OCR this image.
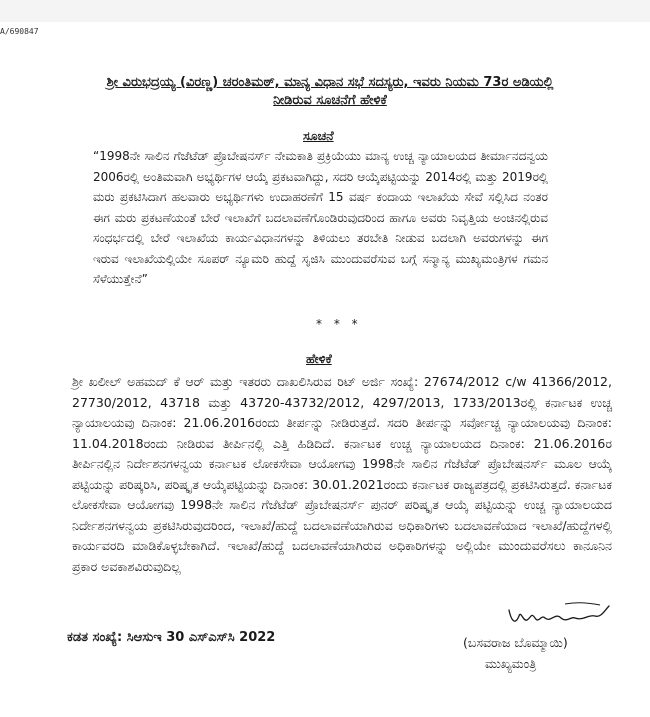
A/690847
ಶ್ರೀ ವಿರುಭದ್ರಯ್ಯ (ವಿರಣ್ಣ) ಚರಂತಿಮಠ್, ಮಾನ್ಯ ವಿಧಾನ ಸಭೆ ಸದಸ್ಯರು, ಇವರು ನಿಯಮ 73ರ ಅಡಿಯಲ್ಲಿ
ನೀಡಿರುವ ಸೂಚನೆಗೆ ಹೇಳಿಕೆ
ಸೂಚನೆ
“1998ನೇ ಸಾಲಿನ ಗೆಜೆಟೆಡ್ ಪ್ರೊಬೇಷನರ್ಸ್ ನೇಮಕಾತಿ ಪ್ರಕ್ರಿಯೆಯು ಮಾನ್ಯ ಉಚ್ಚ ನ್ಯಾಯಾಲಯದ ತೀರ್ಮಾನದನ್ವಯ 2006ರಲ್ಲಿ ಅಂತಿಮವಾಗಿ ಅಭ್ಯರ್ಥಿಗಳ ಆಯ್ಕೆ ಪ್ರಕಟವಾಗಿದ್ದು, ಸದರಿ ಆಯ್ಕೆಪಟ್ಟಿಯನ್ನು 2014ರಲ್ಲಿ ಮತ್ತು 2019ರಲ್ಲಿ ಮರು ಪ್ರಕಟಿಸಿದಾಗ ಹಲವಾರು ಅಭ್ಯರ್ಥಿಗಳು ಉದಾಹರಣೆಗೆ 15 ವರ್ಷ ಕಂದಾಯ ಇಲಾಖೆಯ ಸೇವೆ ಸಲ್ಲಿಸಿದ ನಂತರ ಈಗ ಮರು ಪ್ರಕಟಣೆಯಂತೆ ಬೇರೆ ಇಲಾಖೆಗೆ ಬದಲಾವಣೆಗೊಂಡಿರುವುದರಿಂದ ಹಾಗೂ ಅವರು ನಿವೃತ್ತಿಯ ಅಂಚಿನಲ್ಲಿರುವ ಸಂಧರ್ಭದಲ್ಲಿ ಬೇರೆ ಇಲಾಖೆಯ ಕಾರ್ಯವಿಧಾನಗಳನ್ನು ತಿಳಿಯಲು ತರಬೇತಿ ನೀಡುವ ಬದಲಾಗಿ ಅವರುಗಳನ್ನು ಈಗ ಇರುವ ಇಲಾಖೆಯಲ್ಲಿಯೇ ಸೂಪರ್ ನ್ಯೂಮರಿ ಹುದ್ದೆ ಸೃಜಿಸಿ ಮುಂದುವರೆಸುವ ಬಗ್ಗೆ ಸನ್ಮಾನ್ಯ ಮುಖ್ಯಮಂತ್ರಿಗಳ ಗಮನ ಸೆಳೆಯುತ್ತೇನೆ”
* * *
ಹೇಳಿಕೆ
ಶ್ರೀ ಖಲೀಲ್ ಅಹಮದ್ ಕೆ ಆರ್ ಮತ್ತು ಇತರರು ದಾಖಲಿಸಿರುವ ರಿಟ್ ಅರ್ಜಿ ಸಂಖ್ಯೆ: 27674/2012 c/w 41366/2012, 27730/2012, 43718 ಮತ್ತು 43720-43732/2012, 4297/2013, 1733/2013ರಲ್ಲಿ ಕರ್ನಾಟಕ ಉಚ್ಚ ನ್ಯಾಯಾಲಯವು ದಿನಾಂಕ: 21.06.2016ರಂದು ತೀರ್ಪನ್ನು ನೀಡಿರುತ್ತದೆ. ಸದರಿ ತೀರ್ಪನ್ನು ಸರ್ವೋಚ್ಚ ನ್ಯಾಯಾಲಯವು ದಿನಾಂಕ: 11.04.2018ರಂದು ನೀಡಿರುವ ತೀರ್ಪಿನಲ್ಲಿ ಎತ್ತಿ ಹಿಡಿದಿದೆ. ಕರ್ನಾಟಕ ಉಚ್ಚ ನ್ಯಾಯಾಲಯದ ದಿನಾಂಕ: 21.06.2016ರ ತೀರ್ಪಿನಲ್ಲಿನ ನಿರ್ದೇಶನಗಳನ್ವಯ ಕರ್ನಾಟಕ ಲೋಕಸೇವಾ ಆಯೋಗವು 1998ನೇ ಸಾಲಿನ ಗೆಜೆಟೆಡ್ ಪ್ರೊಬೇಷನರ್ಸ್ ಮೂಲ ಆಯ್ಕೆ ಪಟ್ಟಿಯನ್ನು ಪರಿಷ್ಕರಿಸಿ, ಪರಿಷ್ಕೃತ ಆಯ್ಕೆಪಟ್ಟಿಯನ್ನು ದಿನಾಂಕ: 30.01.2021ರಂದು ಕರ್ನಾಟಕ ರಾಜ್ಯಪತ್ರದಲ್ಲಿ ಪ್ರಕಟಿಸಿರುತ್ತದೆ. ಕರ್ನಾಟಕ ಲೋಕಸೇವಾ ಆಯೋಗವು 1998ನೇ ಸಾಲಿನ ಗೆಜೆಟೆಡ್ ಪ್ರೊಬೇಷನರ್ಸ್ ಪುನರ್ ಪರಿಷ್ಕೃತ ಆಯ್ಕೆ ಪಟ್ಟಿಯನ್ನು ಉಚ್ಚ ನ್ಯಾಯಾಲಯದ ನಿರ್ದೇಶನಗಳನ್ವಯ ಪ್ರಕಟಿಸಿರುವುದರಿಂದ, ಇಲಾಖೆ/ಹುದ್ದೆ ಬದಲಾವಣೆಯಾಗಿರುವ ಅಧಿಕಾರಿಗಳು ಬದಲಾವಣೆಯಾದ ಇಲಾಖೆ/ಹುದ್ದೆಗಳಲ್ಲಿ ಕಾರ್ಯವರದಿ ಮಾಡಿಕೊಳ್ಳಬೇಕಾಗಿದೆ. ಇಲಾಖೆ/ಹುದ್ದೆ ಬದಲಾವಣೆಯಾಗಿರುವ ಅಧಿಕಾರಿಗಳನ್ನು ಅಲ್ಲಿಯೇ ಮುಂದುವರೆಸಲು ಕಾನೂನಿನ ಪ್ರಕಾರ ಅವಕಾಶವಿರುವುದಿಲ್ಲ
ಕಡತ ಸಂಖ್ಯೆ: ಸಿಆಸುಇ 30 ಎಸ್‌ಎಸ್‌ಸಿ 2022	(ಬಸವರಾಜ ಬೊಮ್ಮಾಯಿ)
ಮುಖ್ಯಮಂತ್ರಿ
